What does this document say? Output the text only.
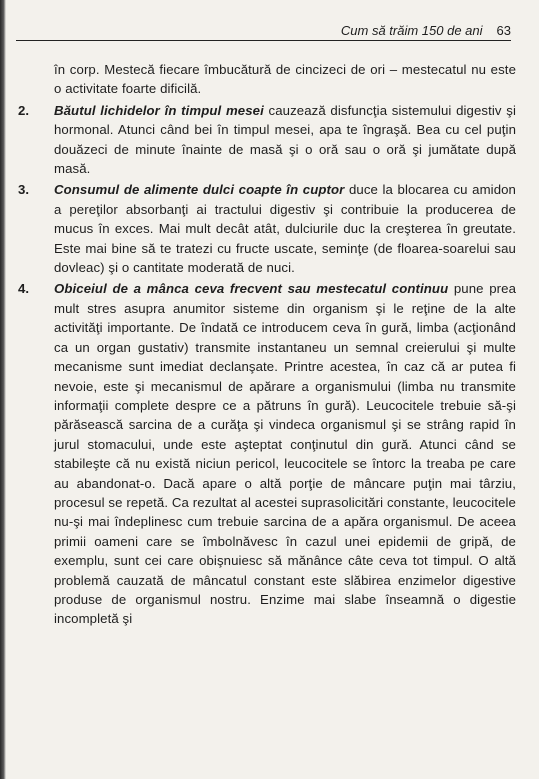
Cum să trăim 150 de ani 63

în corp. Mestecă fiecare îmbucătură de cincizeci de ori – mestecatul nu este o activitate foarte dificilă.

2. Băutul lichidelor în timpul mesei cauzează disfuncţia sistemului digestiv şi hormonal. Atunci când bei în timpul mesei, apa te îngraşă. Bea cu cel puţin douăzeci de minute înainte de masă şi o oră sau o oră şi jumătate după masă.

3. Consumul de alimente dulci coapte în cuptor duce la blocarea cu amidon a pereţilor absorbanţi ai tractului digestiv şi contribuie la producerea de mucus în exces. Mai mult decât atât, dulciurile duc la creşterea în greutate. Este mai bine să te tratezi cu fructe uscate, seminţe (de floarea-soarelui sau dovleac) şi o cantitate moderată de nuci.

4. Obiceiul de a mânca ceva frecvent sau mestecatul continuu pune prea mult stres asupra anumitor sisteme din organism şi le reţine de la alte activităţi importante. De îndată ce introducem ceva în gură, limba (acţionând ca un organ gustativ) transmite instantaneu un semnal creierului şi multe mecanisme sunt imediat declanşate. Printre acestea, în caz că ar putea fi nevoie, este şi mecanismul de apărare a organismului (limba nu transmite informaţii complete despre ce a pătruns în gură). Leucocitele trebuie să-şi părăsească sarcina de a curăţa şi vindeca organismul şi se strâng rapid în jurul stomacului, unde este aşteptat conţinutul din gură. Atunci când se stabileşte că nu există niciun pericol, leucocitele se întorc la treaba pe care au abandonat-o. Dacă apare o altă porţie de mâncare puţin mai târziu, procesul se repetă. Ca rezultat al acestei suprasolicitări constante, leucocitele nu-şi mai îndeplinesc cum trebuie sarcina de a apăra organismul. De aceea primii oameni care se îmbolnăvesc în cazul unei epidemii de gripă, de exemplu, sunt cei care obişnuiesc să mănânce câte ceva tot timpul. O altă problemă cauzată de mâncatul constant este slăbirea enzimelor digestive produse de organismul nostru. Enzime mai slabe înseamnă o digestie incompletă şi
